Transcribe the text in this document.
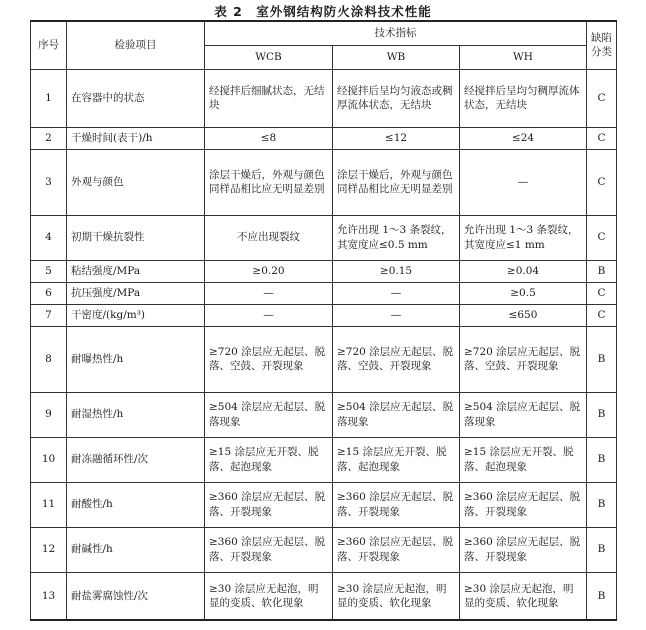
表 2　室外钢结构防火涂料技术性能
序号	检验项目	技术指标			缺陷分类
		WCB	WB	WH	
1	在容器中的状态	经搅拌后细腻状态，无结块	经搅拌后呈均匀液态或稠厚流体状态，无结块	经搅拌后呈均匀稠厚流体状态，无结块	C
2	干燥时间(表干)/h	≤8	≤12	≤24	C
3	外观与颜色	涂层干燥后，外观与颜色同样品相比应无明显差别	涂层干燥后，外观与颜色同样品相比应无明显差别	—	C
4	初期干燥抗裂性	不应出现裂纹	允许出现 1～3 条裂纹，其宽度应≤0.5 mm	允许出现 1～3 条裂纹，其宽度应≤1 mm	C
5	粘结强度/MPa	≥0.20	≥0.15	≥0.04	B
6	抗压强度/MPa	—	—	≥0.5	C
7	干密度/(kg/m³)	—	—	≤650	C
8	耐曝热性/h	≥720 涂层应无起层、脱落、空鼓、开裂现象	≥720 涂层应无起层、脱落、空鼓、开裂现象	≥720 涂层应无起层、脱落、空鼓、开裂现象	B
9	耐湿热性/h	≥504 涂层应无起层、脱落现象	≥504 涂层应无起层、脱落现象	≥504 涂层应无起层、脱落现象	B
10	耐冻融循环性/次	≥15 涂层应无开裂、脱落、起泡现象	≥15 涂层应无开裂、脱落、起泡现象	≥15 涂层应无开裂、脱落、起泡现象	B
11	耐酸性/h	≥360 涂层应无起层、脱落、开裂现象	≥360 涂层应无起层、脱落、开裂现象	≥360 涂层应无起层、脱落、开裂现象	B
12	耐碱性/h	≥360 涂层应无起层、脱落、开裂现象	≥360 涂层应无起层、脱落、开裂现象	≥360 涂层应无起层、脱落、开裂现象	B
13	耐盐雾腐蚀性/次	≥30 涂层应无起泡，明显的变质、软化现象	≥30 涂层应无起泡，明显的变质、软化现象	≥30 涂层应无起泡，明显的变质、软化现象	B
